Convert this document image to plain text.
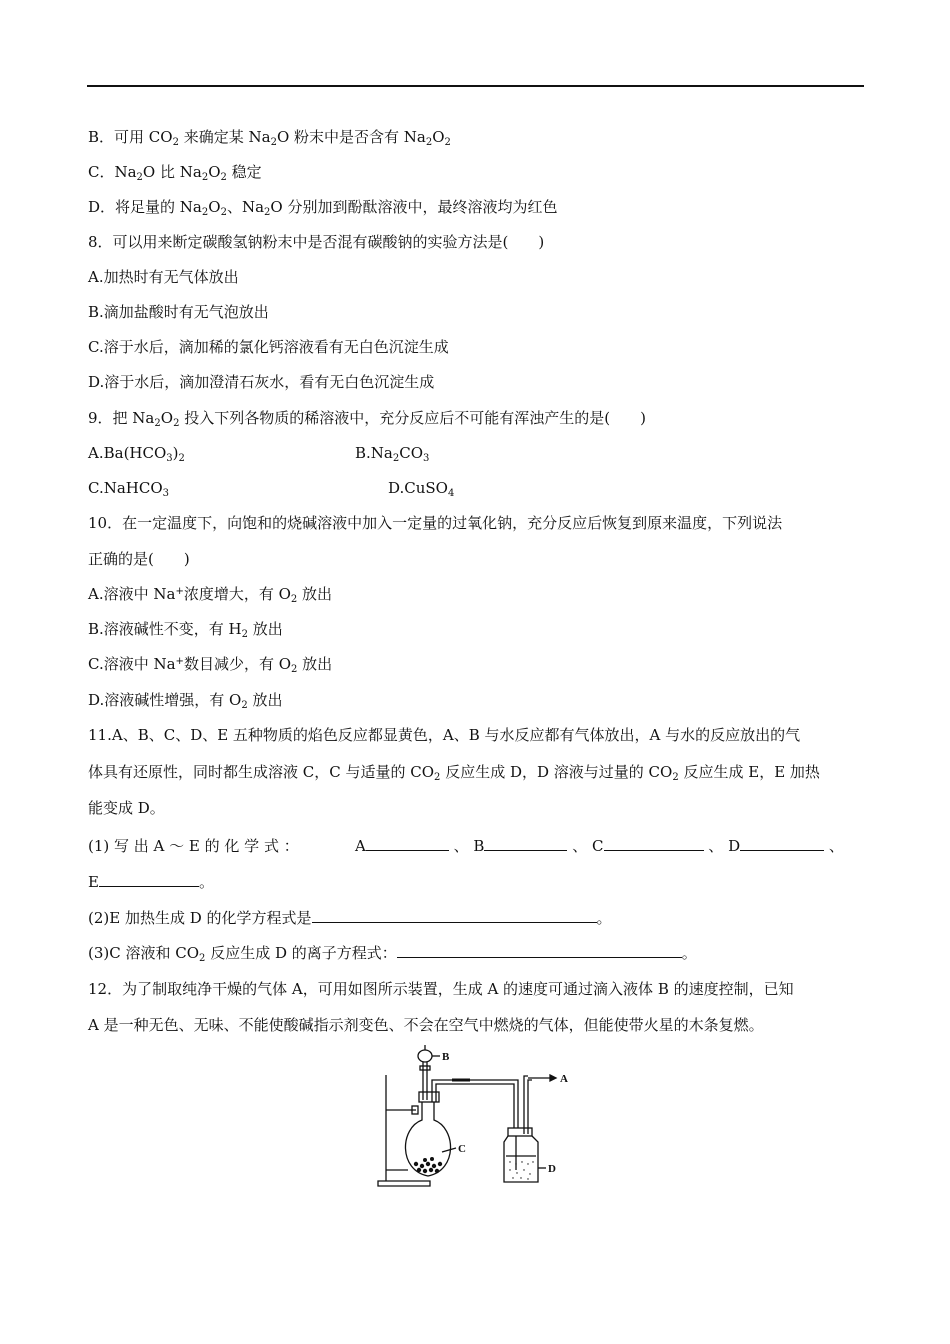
B．可用 $CO_2$ 来确定某 $Na_2O$ 粉末中是否含有 $Na_2O_2$
C．$Na_2O$ 比 $Na_2O_2$ 稳定
D．将足量的 $Na_2O_2$、$Na_2O$ 分别加到酚酞溶液中，最终溶液均为红色
8．可以用来断定碳酸氢钠粉末中是否混有碳酸钠的实验方法是(　　)
A.加热时有无气体放出
B.滴加盐酸时有无气泡放出
C.溶于水后，滴加稀的氯化钙溶液看有无白色沉淀生成
D.溶于水后，滴加澄清石灰水，看有无白色沉淀生成
9．把 $Na_2O_2$ 投入下列各物质的稀溶液中，充分反应后不可能有浑浊产生的是(　　)
$A.Ba(HCO_3)_2$	$B.Na_2CO_3$
C.NaHCO$_3$	D.CuSO$_4$
10．在一定温度下，向饱和的烧碱溶液中加入一定量的过氧化钠，充分反应后恢复到原来温度，下列说法
正确的是(　　)
A.溶液中 Na+浓度增大，有 $O_2$ 放出
B.溶液碱性不变，有 $H_2$ 放出
C.溶液中 Na+数目减少，有 $O_2$ 放出
D.溶液碱性增强，有 $O_2$ 放出
11.A、B、C、D、E 五种物质的焰色反应都显黄色，A、B 与水反应都有气体放出，A 与水的反应放出的气
体具有还原性，同时都生成溶液 C，C 与适量的 $CO_2$ 反应生成 D，D 溶液与过量的 $CO_2$ 反应生成 E，E 加热
能变成 D。
(1) 写 出 A ～ E 的 化 学 式 ：	A	、 B	、 C	、 D	、
E	。
(2)E 加热生成 D 的化学方程式是	。
(3)C 溶液和 $CO_2$ 反应生成 D 的离子方程式：	。
12．为了制取纯净干燥的气体 A，可用如图所示装置，生成 A 的速度可通过滴入液体 B 的速度控制，已知
A 是一种无色、无味、不能使酸碱指示剂变色、不会在空气中燃烧的气体，但能使带火星的木条复燃。
B
A
C
D
